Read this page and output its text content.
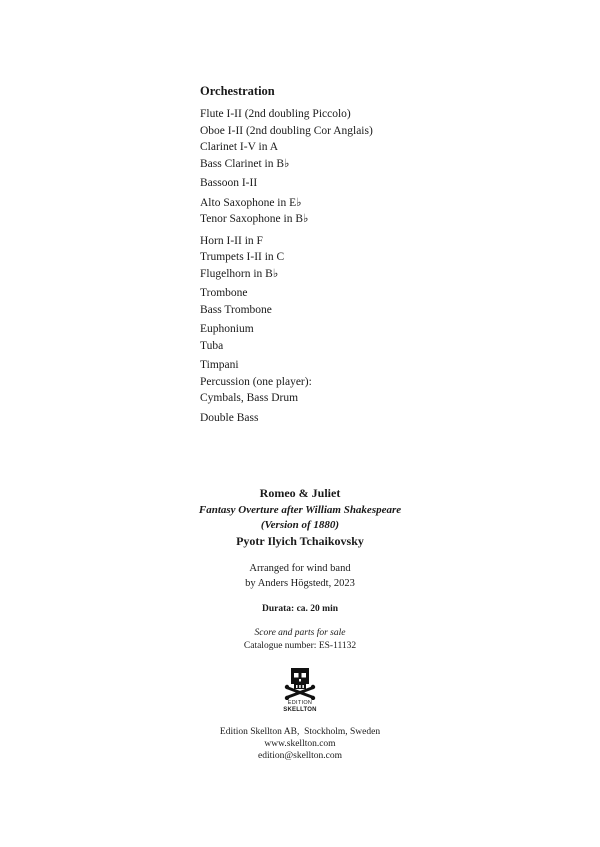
Orchestration
Flute I-II (2nd doubling Piccolo)
Oboe I-II (2nd doubling Cor Anglais)
Clarinet I-V in A
Bass Clarinet in B♭
Bassoon I-II
Alto Saxophone in E♭
Tenor Saxophone in B♭
Horn I-II in F
Trumpets I-II in C
Flugelhorn in B♭
Trombone
Bass Trombone
Euphonium
Tuba
Timpani
Percussion (one player):
Cymbals, Bass Drum
Double Bass
Romeo & Juliet
Fantasy Overture after William Shakespeare
(Version of 1880)
Pyotr Ilyich Tchaikovsky
Arranged for wind band
by Anders Högstedt, 2023
Durata: ca. 20 min
Score and parts for sale
Catalogue number: ES-11132
EDITION
SKELLTON
Edition Skellton AB,  Stockholm, Sweden
www.skellton.com
edition@skellton.com
